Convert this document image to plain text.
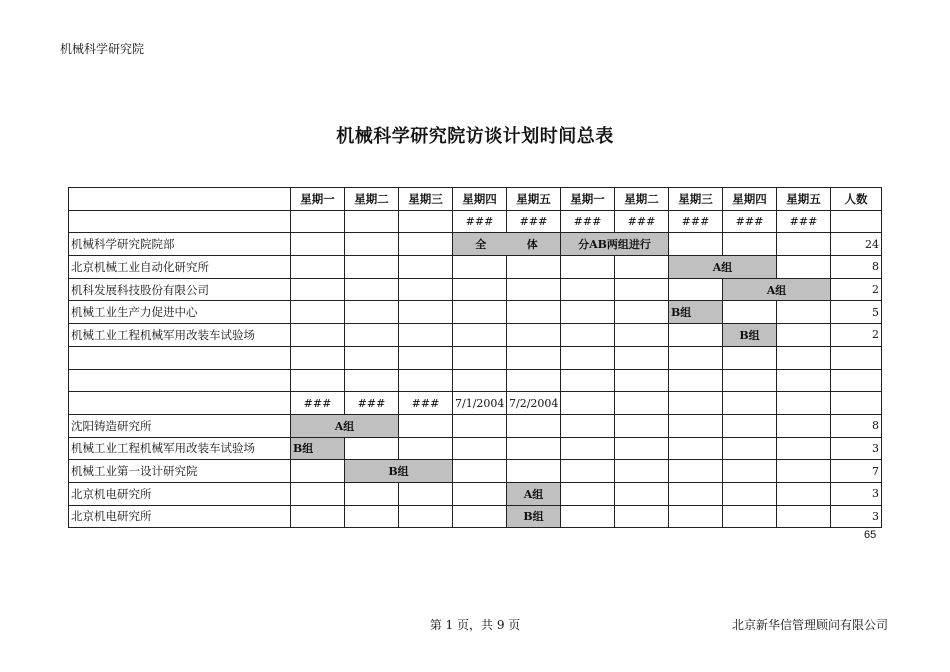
机械科学研究院
机械科学研究院访谈计划时间总表
	星期一	星期二	星期三	星期四	星期五	星期一	星期二	星期三	星期四	星期五	人数
				###	###	###	###	###	###	###	
机械科学研究院院部				全 体		分AB两组进行					24
北京机械工业自动化研究所								A组			8
机科发展科技股份有限公司									A组		2
机械工业生产力促进中心								B组			5
机械工业工程机械军用改装车试验场									B组		2

	###	###	###	7/1/2004	7/2/2004						
沈阳铸造研究所	A组										8
机械工业工程机械军用改装车试验场	B组										3
机械工业第一设计研究院		B组									7
北京机电研究所					A组						3
北京机电研究所					B组						3
65
第 1 页，共 9 页	北京新华信管理顾问有限公司
